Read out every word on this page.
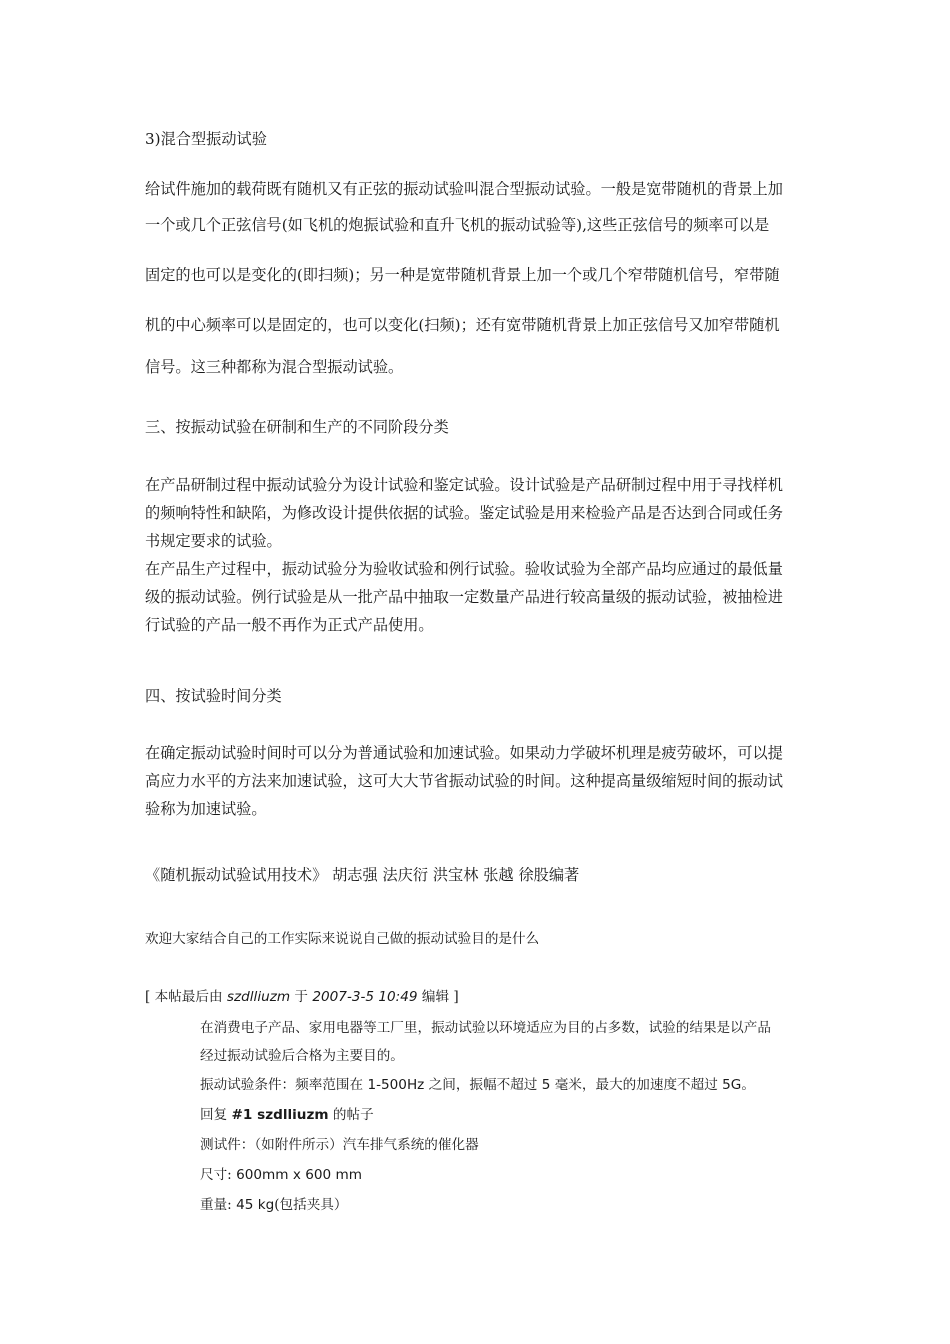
3)混合型振动试验
给试件施加的载荷既有随机又有正弦的振动试验叫混合型振动试验。一般是宽带随机的背景上加
一个或几个正弦信号(如飞机的炮振试验和直升飞机的振动试验等),这些正弦信号的频率可以是
固定的也可以是变化的(即扫频)；另一种是宽带随机背景上加一个或几个窄带随机信号，窄带随
机的中心频率可以是固定的，也可以变化(扫频)；还有宽带随机背景上加正弦信号又加窄带随机
信号。这三种都称为混合型振动试验。
三、按振动试验在研制和生产的不同阶段分类
在产品研制过程中振动试验分为设计试验和鉴定试验。设计试验是产品研制过程中用于寻找样机
的频响特性和缺陷，为修改设计提供依据的试验。鉴定试验是用来检验产品是否达到合同或任务
书规定要求的试验。
在产品生产过程中，振动试验分为验收试验和例行试验。验收试验为全部产品均应通过的最低量
级的振动试验。例行试验是从一批产品中抽取一定数量产品进行较高量级的振动试验，被抽检进
行试验的产品一般不再作为正式产品使用。
四、按试验时间分类
在确定振动试验时间时可以分为普通试验和加速试验。如果动力学破坏机理是疲劳破坏，可以提
高应力水平的方法来加速试验，这可大大节省振动试验的时间。这种提高量级缩短时间的振动试
验称为加速试验。
《随机振动试验试用技术》 胡志强 法庆衍 洪宝林 张越 徐股编著
欢迎大家结合自己的工作实际来说说自己做的振动试验目的是什么
[ 本帖最后由 szdlliuzm 于 2007-3-5 10:49 编辑 ]
在消费电子产品、家用电器等工厂里，振动试验以环境适应为目的占多数，试验的结果是以产品
经过振动试验后合格为主要目的。
振动试验条件：频率范围在 1-500Hz 之间，振幅不超过 5 毫米，最大的加速度不超过 5G。
回复 #1 szdlliuzm 的帖子
测试件：（如附件所示）汽车排气系统的催化器
尺寸: 600mm x 600 mm
重量: 45 kg(包括夹具）
